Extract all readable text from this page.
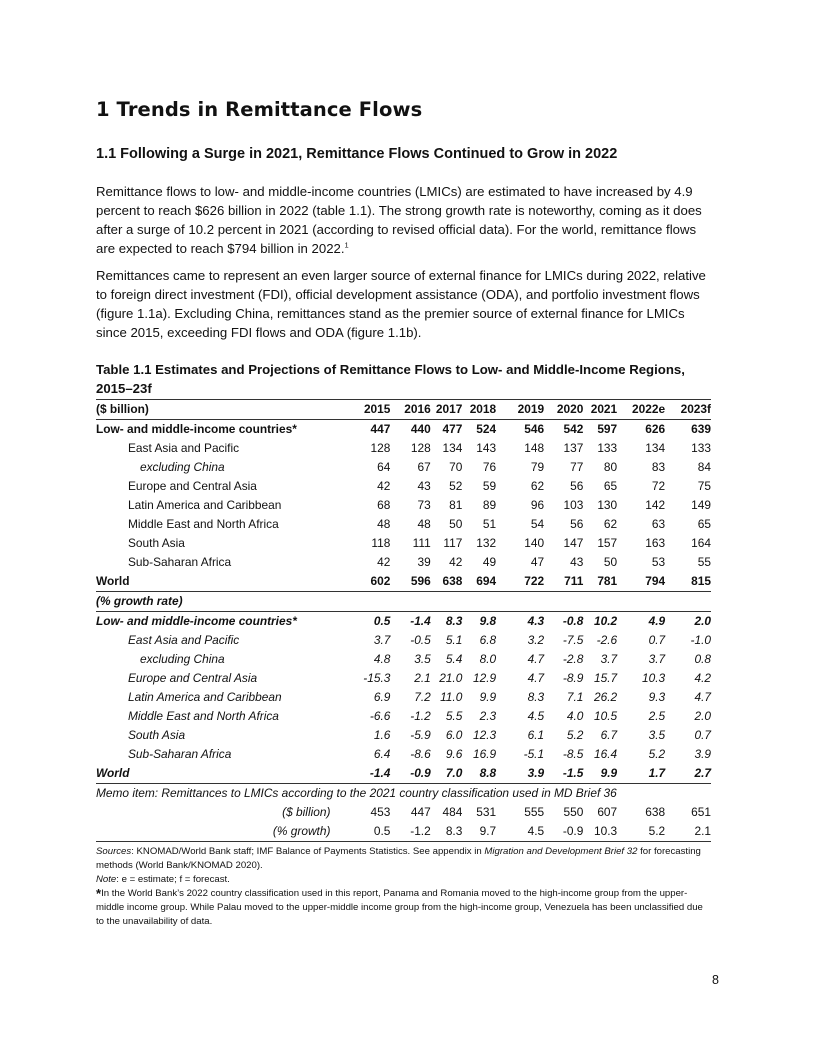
1 Trends in Remittance Flows
1.1 Following a Surge in 2021, Remittance Flows Continued to Grow in 2022

Remittance flows to low- and middle-income countries (LMICs) are estimated to have increased by 4.9 percent to reach $626 billion in 2022 (table 1.1). The strong growth rate is noteworthy, coming as it does after a surge of 10.2 percent in 2021 (according to revised official data). For the world, remittance flows are expected to reach $794 billion in 2022.$^1$

Remittances came to represent an even larger source of external finance for LMICs during 2022, relative to foreign direct investment (FDI), official development assistance (ODA), and portfolio investment flows (figure 1.1a). Excluding China, remittances stand as the premier source of external finance for LMICs since 2015, exceeding FDI flows and ODA (figure 1.1b).

Table 1.1 Estimates and Projections of Remittance Flows to Low- and Middle-Income Regions, 2015–23f
($ billion)	2015	2016	2017	2018	2019	2020	2021	2022e	2023f
Low- and middle-income countries*	447	440	477	524	546	542	597	626	639
East Asia and Pacific	128	128	134	143	148	137	133	134	133
excluding China	64	67	70	76	79	77	80	83	84
Europe and Central Asia	42	43	52	59	62	56	65	72	75
Latin America and Caribbean	68	73	81	89	96	103	130	142	149
Middle East and North Africa	48	48	50	51	54	56	62	63	65
South Asia	118	111	117	132	140	147	157	163	164
Sub-Saharan Africa	42	39	42	49	47	43	50	53	55
World	602	596	638	694	722	711	781	794	815
(% growth rate)									
Low- and middle-income countries*	0.5	-1.4	8.3	9.8	4.3	-0.8	10.2	4.9	2.0
East Asia and Pacific	3.7	-0.5	5.1	6.8	3.2	-7.5	-2.6	0.7	-1.0
excluding China	4.8	3.5	5.4	8.0	4.7	-2.8	3.7	3.7	0.8
Europe and Central Asia	-15.3	2.1	21.0	12.9	4.7	-8.9	15.7	10.3	4.2
Latin America and Caribbean	6.9	7.2	11.0	9.9	8.3	7.1	26.2	9.3	4.7
Middle East and North Africa	-6.6	-1.2	5.5	2.3	4.5	4.0	10.5	2.5	2.0
South Asia	1.6	-5.9	6.0	12.3	6.1	5.2	6.7	3.5	0.7
Sub-Saharan Africa	6.4	-8.6	9.6	16.9	-5.1	-8.5	16.4	5.2	3.9
World	-1.4	-0.9	7.0	8.8	3.9	-1.5	9.9	1.7	2.7
Memo item: Remittances to LMICs according to the 2021 country classification used in MD Brief 36									
($ billion)	453	447	484	531	555	550	607	638	651
(% growth)	0.5	-1.2	8.3	9.7	4.5	-0.9	10.3	5.2	2.1

Sources: KNOMAD/World Bank staff; IMF Balance of Payments Statistics. See appendix in Migration and Development Brief 32 for forecasting methods (World Bank/KNOMAD 2020).

Note: e = estimate; f = forecast.

*In the World Bank’s 2022 country classification used in this report, Panama and Romania moved to the high-income group from the upper-middle income group. While Palau moved to the upper-middle income group from the high-income group, Venezuela has been unclassified due to the unavailability of data.

8
